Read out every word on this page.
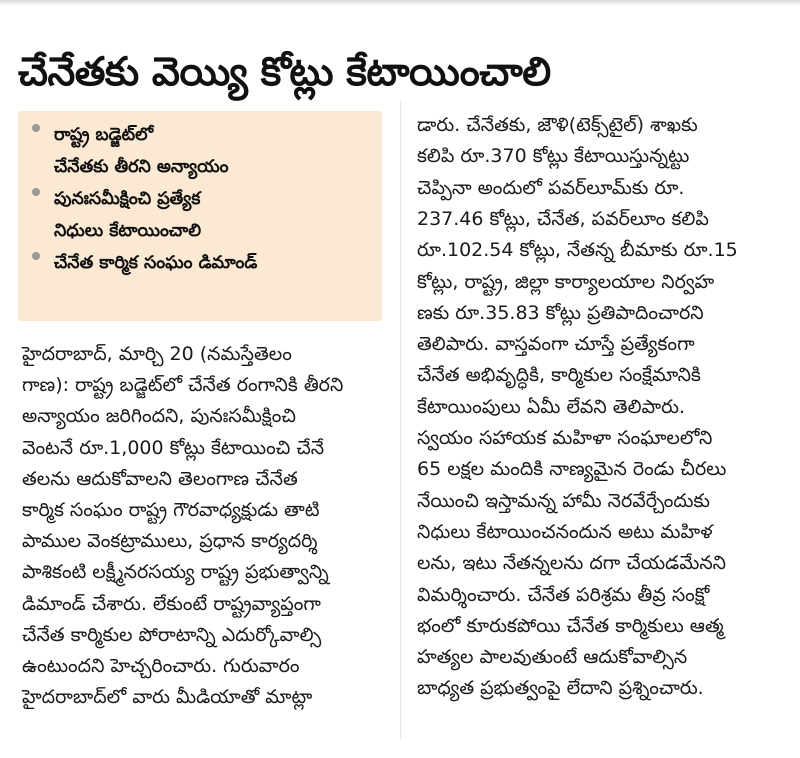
చేనేతకు వెయ్యి కోట్లు కేటాయించాలి
రాష్ట్ర బడ్జెట్‌లో
చేనేతకు తీరని అన్యాయం
పునఃసమీక్షించి ప్రత్యేక
నిధులు కేటాయించాలి
చేనేత కార్మిక సంఘం డిమాండ్
హైదరాబాద్, మార్చి 20 (నమస్తేతెలం
గాణ): రాష్ట్ర బడ్జెట్‌లో చేనేత రంగానికి తీరని
అన్యాయం జరిగిందని, పునఃసమీక్షించి
వెంటనే రూ.1,000 కోట్లు కేటాయించి చేనే
తలను ఆదుకోవాలని తెలంగాణ చేనేత
కార్మిక సంఘం రాష్ట్ర గౌరవాధ్యక్షుడు తాటి
పాముల వెంకట్రాములు, ప్రధాన కార్యదర్శి
పాశికంటి లక్ష్మీనరసయ్య రాష్ట్ర ప్రభుత్వాన్ని
డిమాండ్ చేశారు. లేకుంటే రాష్ట్రవ్యాప్తంగా
చేనేత కార్మికుల పోరాటాన్ని ఎదుర్కోవాల్సి
ఉంటుందని హెచ్చరించారు. గురువారం
హైదరాబాద్‌లో వారు మీడియాతో మాట్లా
డారు. చేనేతకు, జౌళి(టెక్స్‌టైల్) శాఖకు
కలిపి రూ.370 కోట్లు కేటాయిస్తున్నట్టు
చెప్పినా అందులో పవర్‌లూమ్‌కు రూ.
237.46 కోట్లు, చేనేత, పవర్‌లూం కలిపి
రూ.102.54 కోట్లు, నేతన్న బీమాకు రూ.15
కోట్లు, రాష్ట్ర, జిల్లా కార్యాలయాల నిర్వహ
ణకు రూ.35.83 కోట్లు ప్రతిపాదించారని
తెలిపారు. వాస్తవంగా చూస్తే ప్రత్యేకంగా
చేనేత అభివృద్ధికి, కార్మికుల సంక్షేమానికి
కేటాయింపులు ఏమీ లేవని తెలిపారు.
స్వయం సహాయక మహిళా సంఘాలలోని
65 లక్షల మందికి నాణ్యమైన రెండు చీరలు
నేయించి ఇస్తామన్న హామీ నెరవేర్చేందుకు
నిధులు కేటాయించనందున అటు మహిళ
లను, ఇటు నేతన్నలను దగా చేయడమేనని
విమర్శించారు. చేనేత పరిశ్రమ తీవ్ర సంక్షో
భంలో కూరుకపోయి చేనేత కార్మికులు ఆత్మ
హత్యల పాలవుతుంటే ఆదుకోవాల్సిన
బాధ్యత ప్రభుత్వంపై లేదాని ప్రశ్నించారు.
